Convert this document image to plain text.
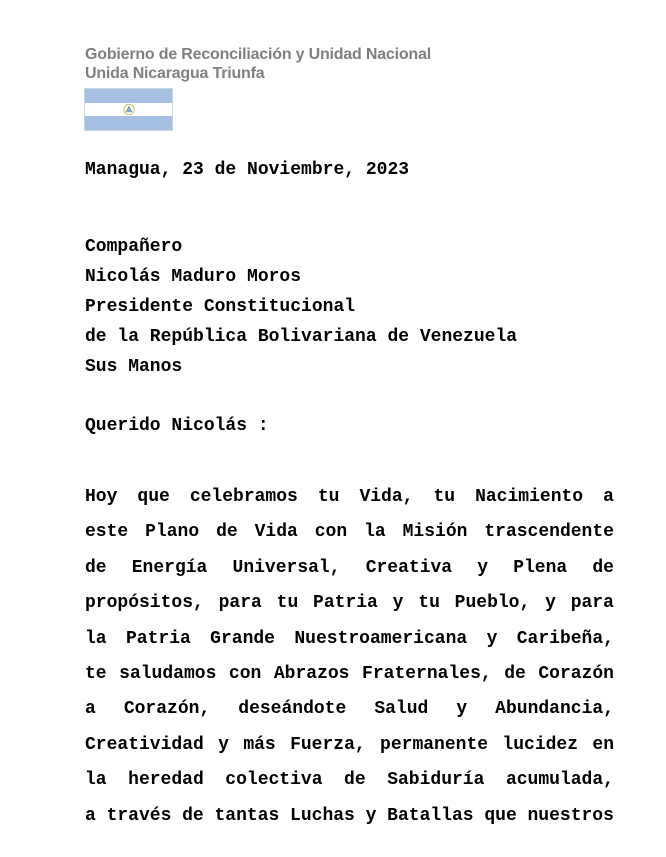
Gobierno de Reconciliación y Unidad Nacional
Unida Nicaragua Triunfa
Managua, 23 de Noviembre, 2023
Compañero
Nicolás Maduro Moros
Presidente Constitucional
de la República Bolivariana de Venezuela
Sus Manos
Querido Nicolás :
Hoy que celebramos tu Vida, tu Nacimiento a
este Plano de Vida con la Misión trascendente
de Energía Universal, Creativa y Plena de
propósitos, para tu Patria y tu Pueblo, y para
la Patria Grande Nuestroamericana y Caribeña,
te saludamos con Abrazos Fraternales, de Corazón
a Corazón, deseándote Salud y Abundancia,
Creatividad y más Fuerza, permanente lucidez en
la heredad colectiva de Sabiduría acumulada,
a través de tantas Luchas y Batallas que nuestros
